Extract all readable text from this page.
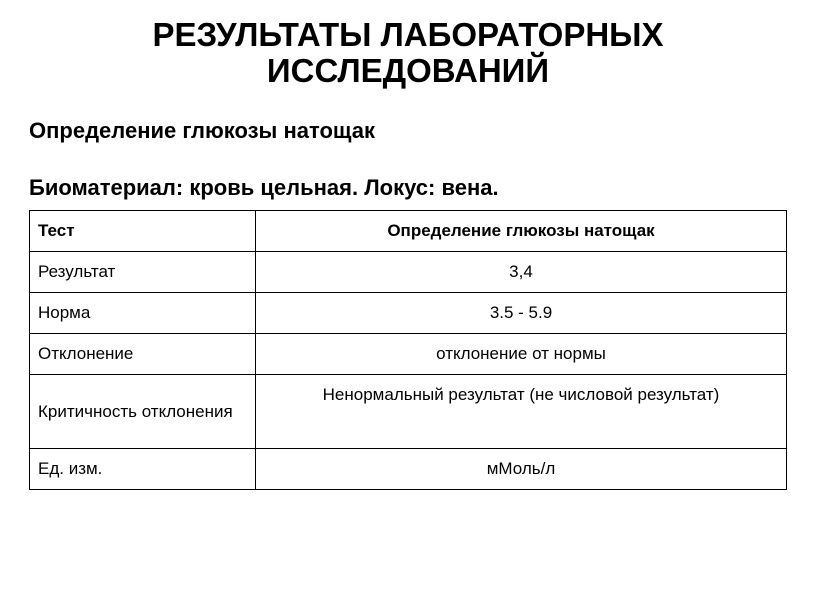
РЕЗУЛЬТАТЫ ЛАБОРАТОРНЫХ
ИССЛЕДОВАНИЙ
Определение глюкозы натощак
Биоматериал: кровь цельная. Локус: вена.
Тест	Определение глюкозы натощак
Результат	3,4
Норма	3.5 - 5.9
Отклонение	отклонение от нормы
Критичность отклонения	Ненормальный результат (не числовой результат)
Ед. изм.	мМоль/л
